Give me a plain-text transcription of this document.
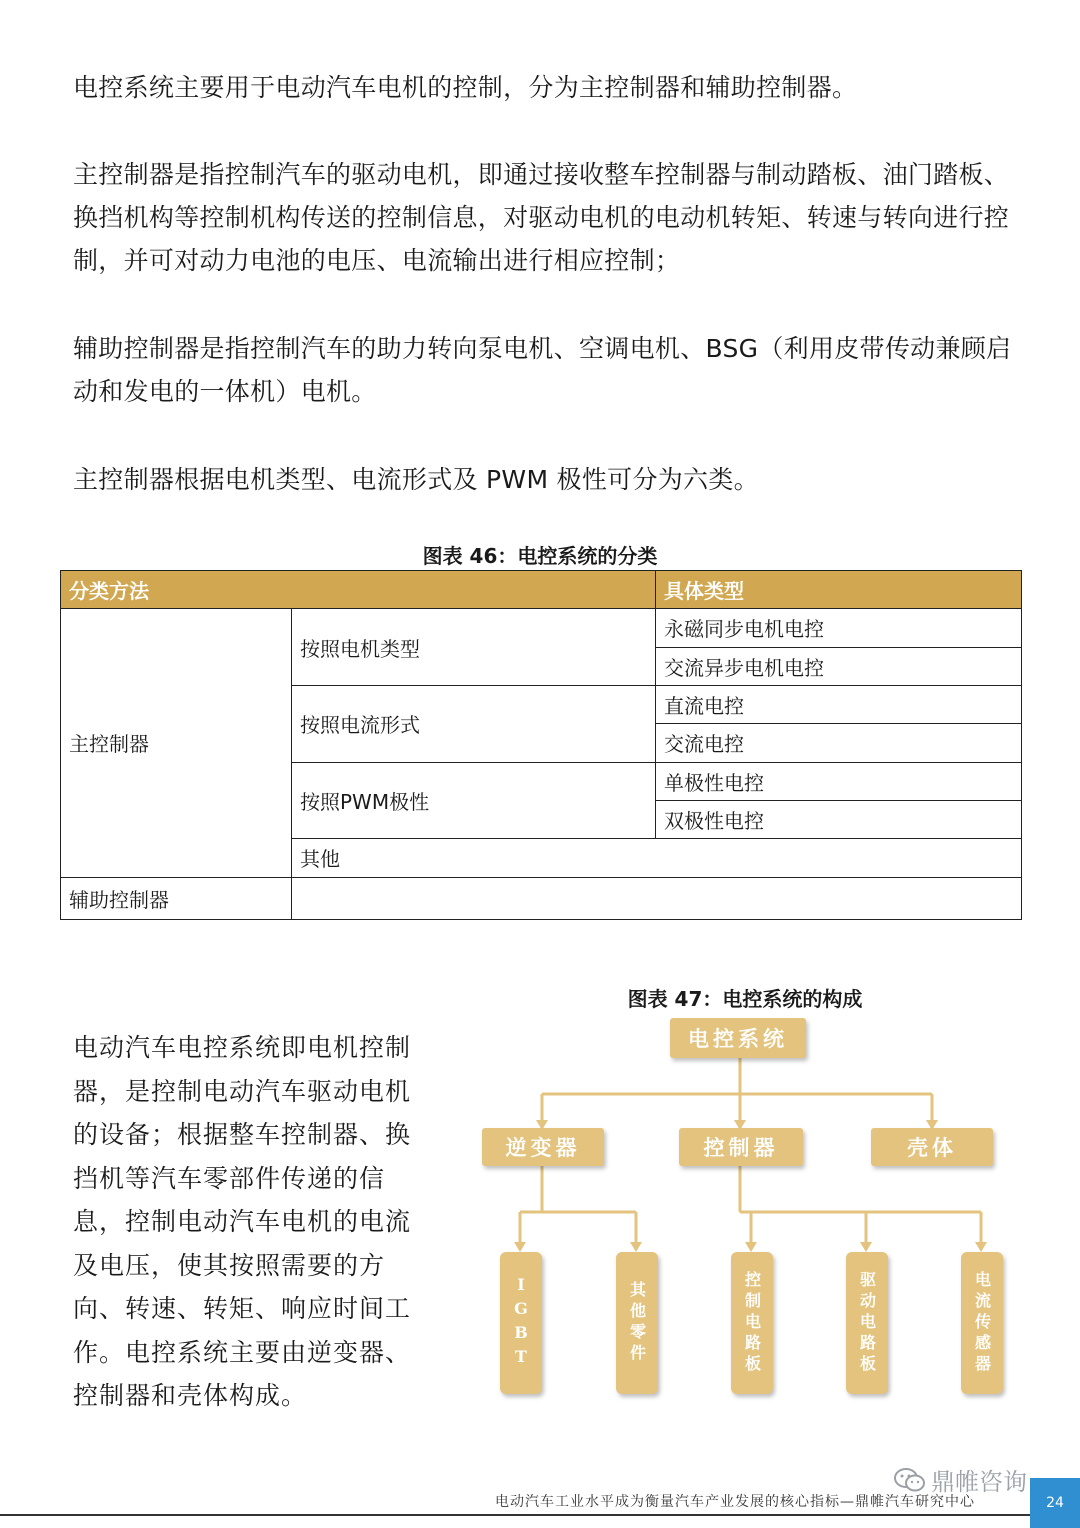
电控系统主要用于电动汽车电机的控制，分为主控制器和辅助控制器。

主控制器是指控制汽车的驱动电机，即通过接收整车控制器与制动踏板、油门踏板、换挡机构等控制机构传送的控制信息，对驱动电机的电动机转矩、转速与转向进行控制，并可对动力电池的电压、电流输出进行相应控制；

辅助控制器是指控制汽车的助力转向泵电机、空调电机、BSG（利用皮带传动兼顾启动和发电的一体机）电机。

主控制器根据电机类型、电流形式及 PWM 极性可分为六类。

图表 46：电控系统的分类
分类方法		具体类型
主控制器	按照电机类型	永磁同步电机电控
		交流异步电机电控
	按照电流形式	直流电控
		交流电控
	按照PWM极性	单极性电控
		双极性电控
	其他	
辅助控制器		

电动汽车电控系统即电机控制器，是控制电动汽车驱动电机的设备；根据整车控制器、换挡机等汽车零部件传递的信息，控制电动汽车电机的电流及电压，使其按照需要的方向、转速、转矩、响应时间工作。电控系统主要由逆变器、控制器和壳体构成。

图表 47：电控系统的构成
电控系统
逆变器	控制器	壳体
IGBT	其他零件	控制电路板	驱动电路板	电流传感器
鼎帷咨询
电动汽车工业水平成为衡量汽车产业发展的核心指标—鼎帷汽车研究中心	24
